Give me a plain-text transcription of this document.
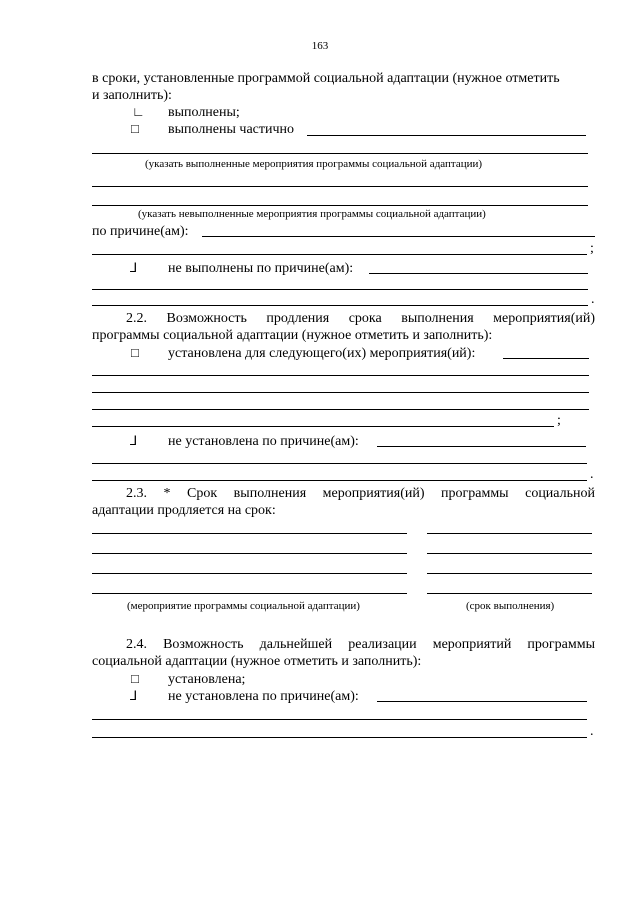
163
в сроки, установленные программой социальной адаптации (нужное отметить
и заполнить):
∟ выполнены;
□ выполнены частично
(указать выполненные мероприятия программы социальной адаптации)
(указать невыполненные мероприятия программы социальной адаптации)
по причине(ам):
;
⅃ не выполнены по причине(ам):
.
2.2. Возможность продления срока выполнения мероприятия(ий)
программы социальной адаптации (нужное отметить и заполнить):
□ установлена для следующего(их) мероприятия(ий):
;
⅃ не установлена по причине(ам):
.
2.3. * Срок выполнения мероприятия(ий) программы социальной
адаптации продляется на срок:
(мероприятие программы социальной адаптации)	(срок выполнения)
2.4. Возможность дальнейшей реализации мероприятий программы
социальной адаптации (нужное отметить и заполнить):
□ установлена;
⅃ не установлена по причине(ам):
.
